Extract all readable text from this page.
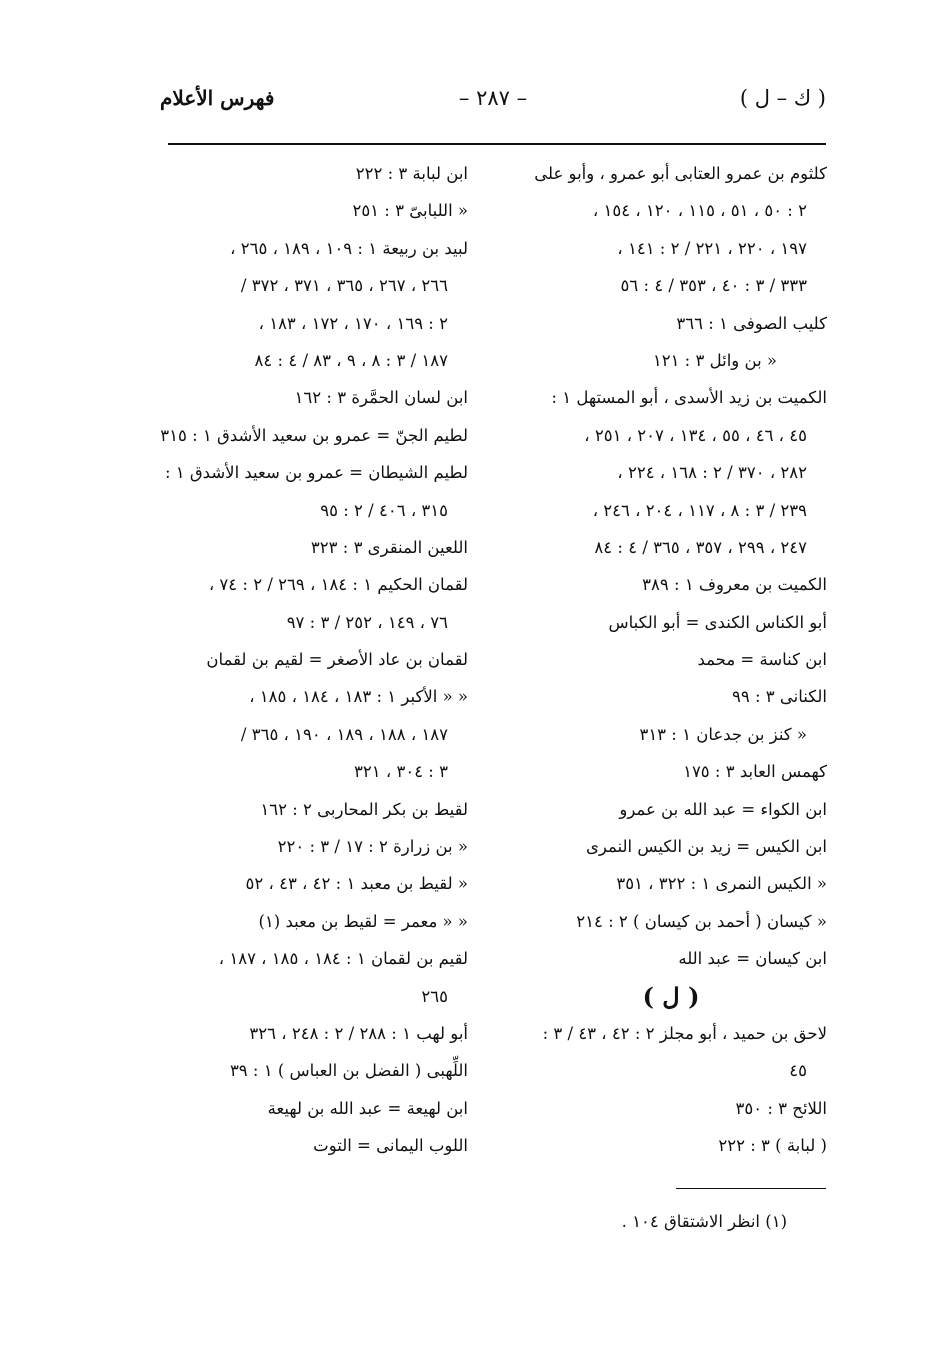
( ك – ل )
– ٢٨٧ –
فهرس الأعلام
كلثوم بن عمرو العتابى أبو عمرو ، وأبو على
٢ : ٥٠ ، ٥١ ، ١١٥ ، ١٢٠ ، ١٥٤ ،
١٩٧ ، ٢٢٠ ، ٢٢١ / ٢ : ١٤١ ،
٣٣٣ / ٣ : ٤٠ ، ٣٥٣ / ٤ : ٥٦
كليب الصوفى ١ : ٣٦٦
« بن وائل ٣ : ١٢١
الكميت بن زيد الأسدى ، أبو المستهل ١ :
٤٥ ، ٤٦ ، ٥٥ ، ١٣٤ ، ٢٠٧ ، ٢٥١ ،
٢٨٢ ، ٣٧٠ / ٢ : ١٦٨ ، ٢٢٤ ،
٢٣٩ / ٣ : ٨ ، ١١٧ ، ٢٠٤ ، ٢٤٦ ،
٢٤٧ ، ٢٩٩ ، ٣٥٧ ، ٣٦٥ / ٤ : ٨٤
الكميت بن معروف ١ : ٣٨٩
أبو الكناس الكندى = أبو الكباس
ابن كناسة = محمد
الكنانى ٣ : ٩٩
« كنز بن جدعان ١ : ٣١٣
كهمس العابد ٣ : ١٧٥
ابن الكواء = عبد الله بن عمرو
ابن الكيس = زيد بن الكيس النمرى
« الكيس النمرى ١ : ٣٢٢ ، ٣٥١
« كيسان ( أحمد بن كيسان ) ٢ : ٢١٤
ابن كيسان = عبد الله
( ل )
لاحق بن حميد ، أبو مجلز ٢ : ٤٢ ، ٤٣ / ٣ :
٤٥
اللائح ٣ : ٣٥٠
( لبابة ) ٣ : ٢٢٢
ابن لبابة ٣ : ٢٢٢
« اللبابىّ ٣ : ٢٥١
لبيد بن ربيعة ١ : ١٠٩ ، ١٨٩ ، ٢٦٥ ،
٢٦٦ ، ٢٦٧ ، ٣٦٥ ، ٣٧١ ، ٣٧٢ /
٢ : ١٦٩ ، ١٧٠ ، ١٧٢ ، ١٨٣ ،
١٨٧ / ٣ : ٨ ، ٩ ، ٨٣ / ٤ : ٨٤
ابن لسان الحمَّرة ٣ : ١٦٢
لطيم الجنّ = عمرو بن سعيد الأشدق ١ : ٣١٥
لطيم الشيطان = عمرو بن سعيد الأشدق ١ :
٣١٥ ، ٤٠٦ / ٢ : ٩٥
اللعين المنقرى ٣ : ٣٢٣
لقمان الحكيم ١ : ١٨٤ ، ٢٦٩ / ٢ : ٧٤ ،
٧٦ ، ١٤٩ ، ٢٥٢ / ٣ : ٩٧
لقمان بن عاد الأصغر = لقيم بن لقمان
« « الأكبر ١ : ١٨٣ ، ١٨٤ ، ١٨٥ ،
١٨٧ ، ١٨٨ ، ١٨٩ ، ١٩٠ ، ٣٦٥ /
٣ : ٣٠٤ ، ٣٢١
لقيط بن بكر المحاربى ٢ : ١٦٢
« بن زرارة ٢ : ١٧ / ٣ : ٢٢٠
« لقيط بن معبد ١ : ٤٢ ، ٤٣ ، ٥٢
« « معمر = لقيط بن معبد (١)
لقيم بن لقمان ١ : ١٨٤ ، ١٨٥ ، ١٨٧ ،
٢٦٥
أبو لهب ١ : ٢٨٨ / ٢ : ٢٤٨ ، ٣٢٦
اللِّهبى ( الفضل بن العباس ) ١ : ٣٩
ابن لهيعة = عبد الله بن لهيعة
اللوب اليمانى = التوت
(١) انظر الاشتقاق ١٠٤ .
